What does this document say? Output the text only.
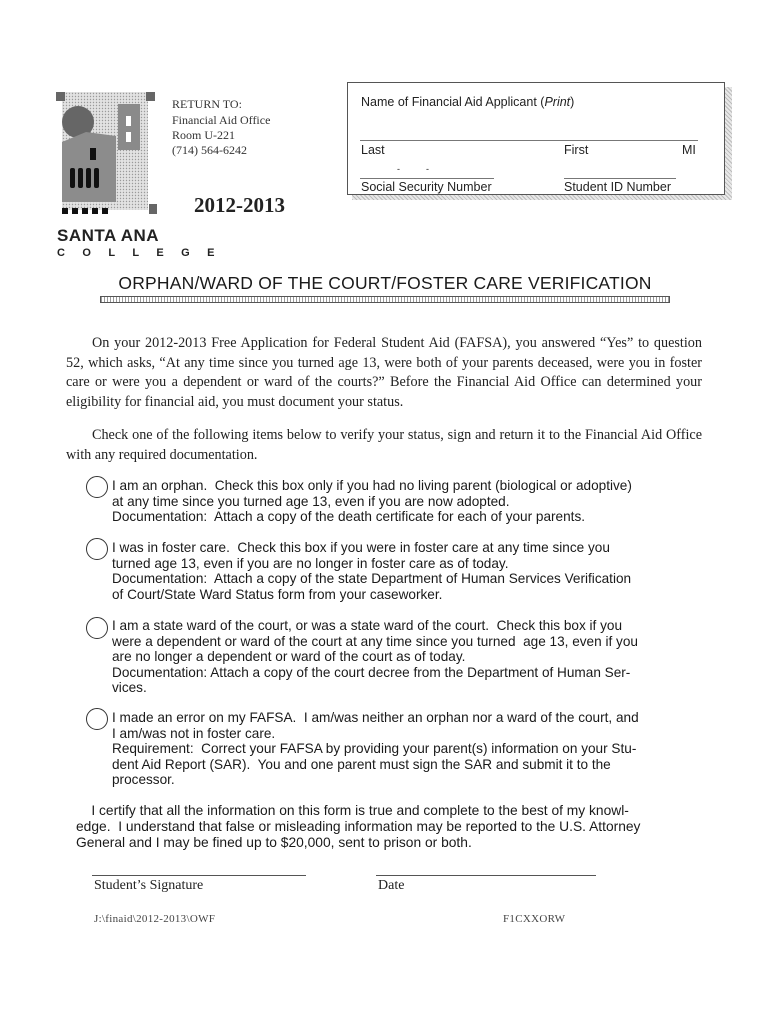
SANTA ANA
C O L L E G E
RETURN TO:
Financial Aid Office
Room U-221
(714) 564-6242
2012-2013
Name of Financial Aid Applicant (Print)
Last	First	MI
-	-
Social Security Number	Student ID Number
ORPHAN/WARD OF THE COURT/FOSTER CARE VERIFICATION
On your 2012-2013 Free Application for Federal Student Aid (FAFSA), you answered “Yes” to question 52, which asks, “At any time since you turned age 13, were both of your parents deceased, were you in foster care or were you a dependent or ward of the courts?” Before the Financial Aid Office can determined your eligibility for financial aid, you must document your status.
Check one of the following items below to verify your status, sign and return it to the Financial Aid Office with any required documentation.
I am an orphan.  Check this box only if you had no living parent (biological or adoptive)
at any time since you turned age 13, even if you are now adopted.
Documentation:  Attach a copy of the death certificate for each of your parents.
I was in foster care.  Check this box if you were in foster care at any time since you
turned age 13, even if you are no longer in foster care as of today.
Documentation:  Attach a copy of the state Department of Human Services Verification
of Court/State Ward Status form from your caseworker.
I am a state ward of the court, or was a state ward of the court.  Check this box if you
were a dependent or ward of the court at any time since you turned  age 13, even if you
are no longer a dependent or ward of the court as of today.
Documentation: Attach a copy of the court decree from the Department of Human Ser-
vices.
I made an error on my FAFSA.  I am/was neither an orphan nor a ward of the court, and
I am/was not in foster care.
Requirement:  Correct your FAFSA by providing your parent(s) information on your Stu-
dent Aid Report (SAR).  You and one parent must sign the SAR and submit it to the
processor.
I certify that all the information on this form is true and complete to the best of my knowl-
edge.  I understand that false or misleading information may be reported to the U.S. Attorney
General and I may be fined up to $20,000, sent to prison or both.
Student’s Signature	Date
J:\finaid\2012-2013\OWF	F1CXXORW
